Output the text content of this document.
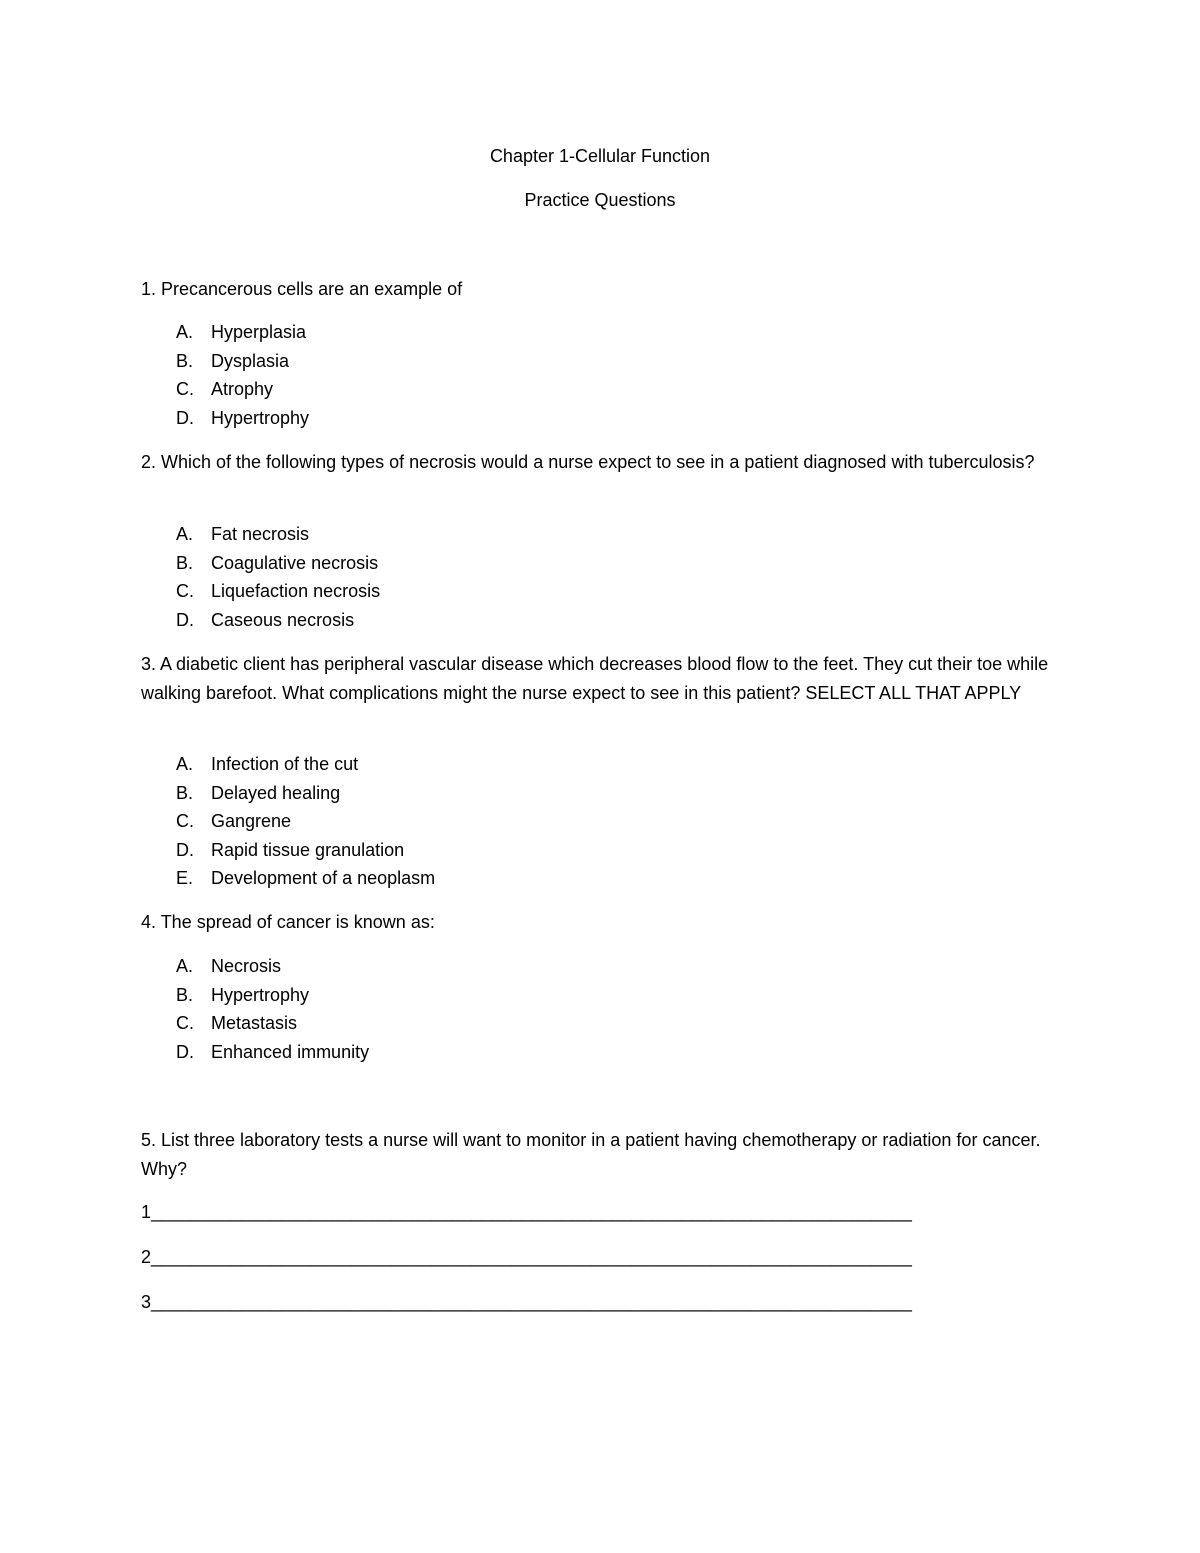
Chapter 1-Cellular Function
Practice Questions

1. Precancerous cells are an example of

A. Hyperplasia
B. Dysplasia
C. Atrophy
D. Hypertrophy

2. Which of the following types of necrosis would a nurse expect to see in a patient diagnosed with tuberculosis?

A. Fat necrosis
B. Coagulative necrosis
C. Liquefaction necrosis
D. Caseous necrosis

3. A diabetic client has peripheral vascular disease which decreases blood flow to the feet. They cut their toe while walking barefoot. What complications might the nurse expect to see in this patient? SELECT ALL THAT APPLY

A. Infection of the cut
B. Delayed healing
C. Gangrene
D. Rapid tissue granulation
E. Development of a neoplasm

4. The spread of cancer is known as:

A. Necrosis
B. Hypertrophy
C. Metastasis
D. Enhanced immunity

5. List three laboratory tests a nurse will want to monitor in a patient having chemotherapy or radiation for cancer. Why?

1____________________________________________________________________________

2____________________________________________________________________________

3____________________________________________________________________________
